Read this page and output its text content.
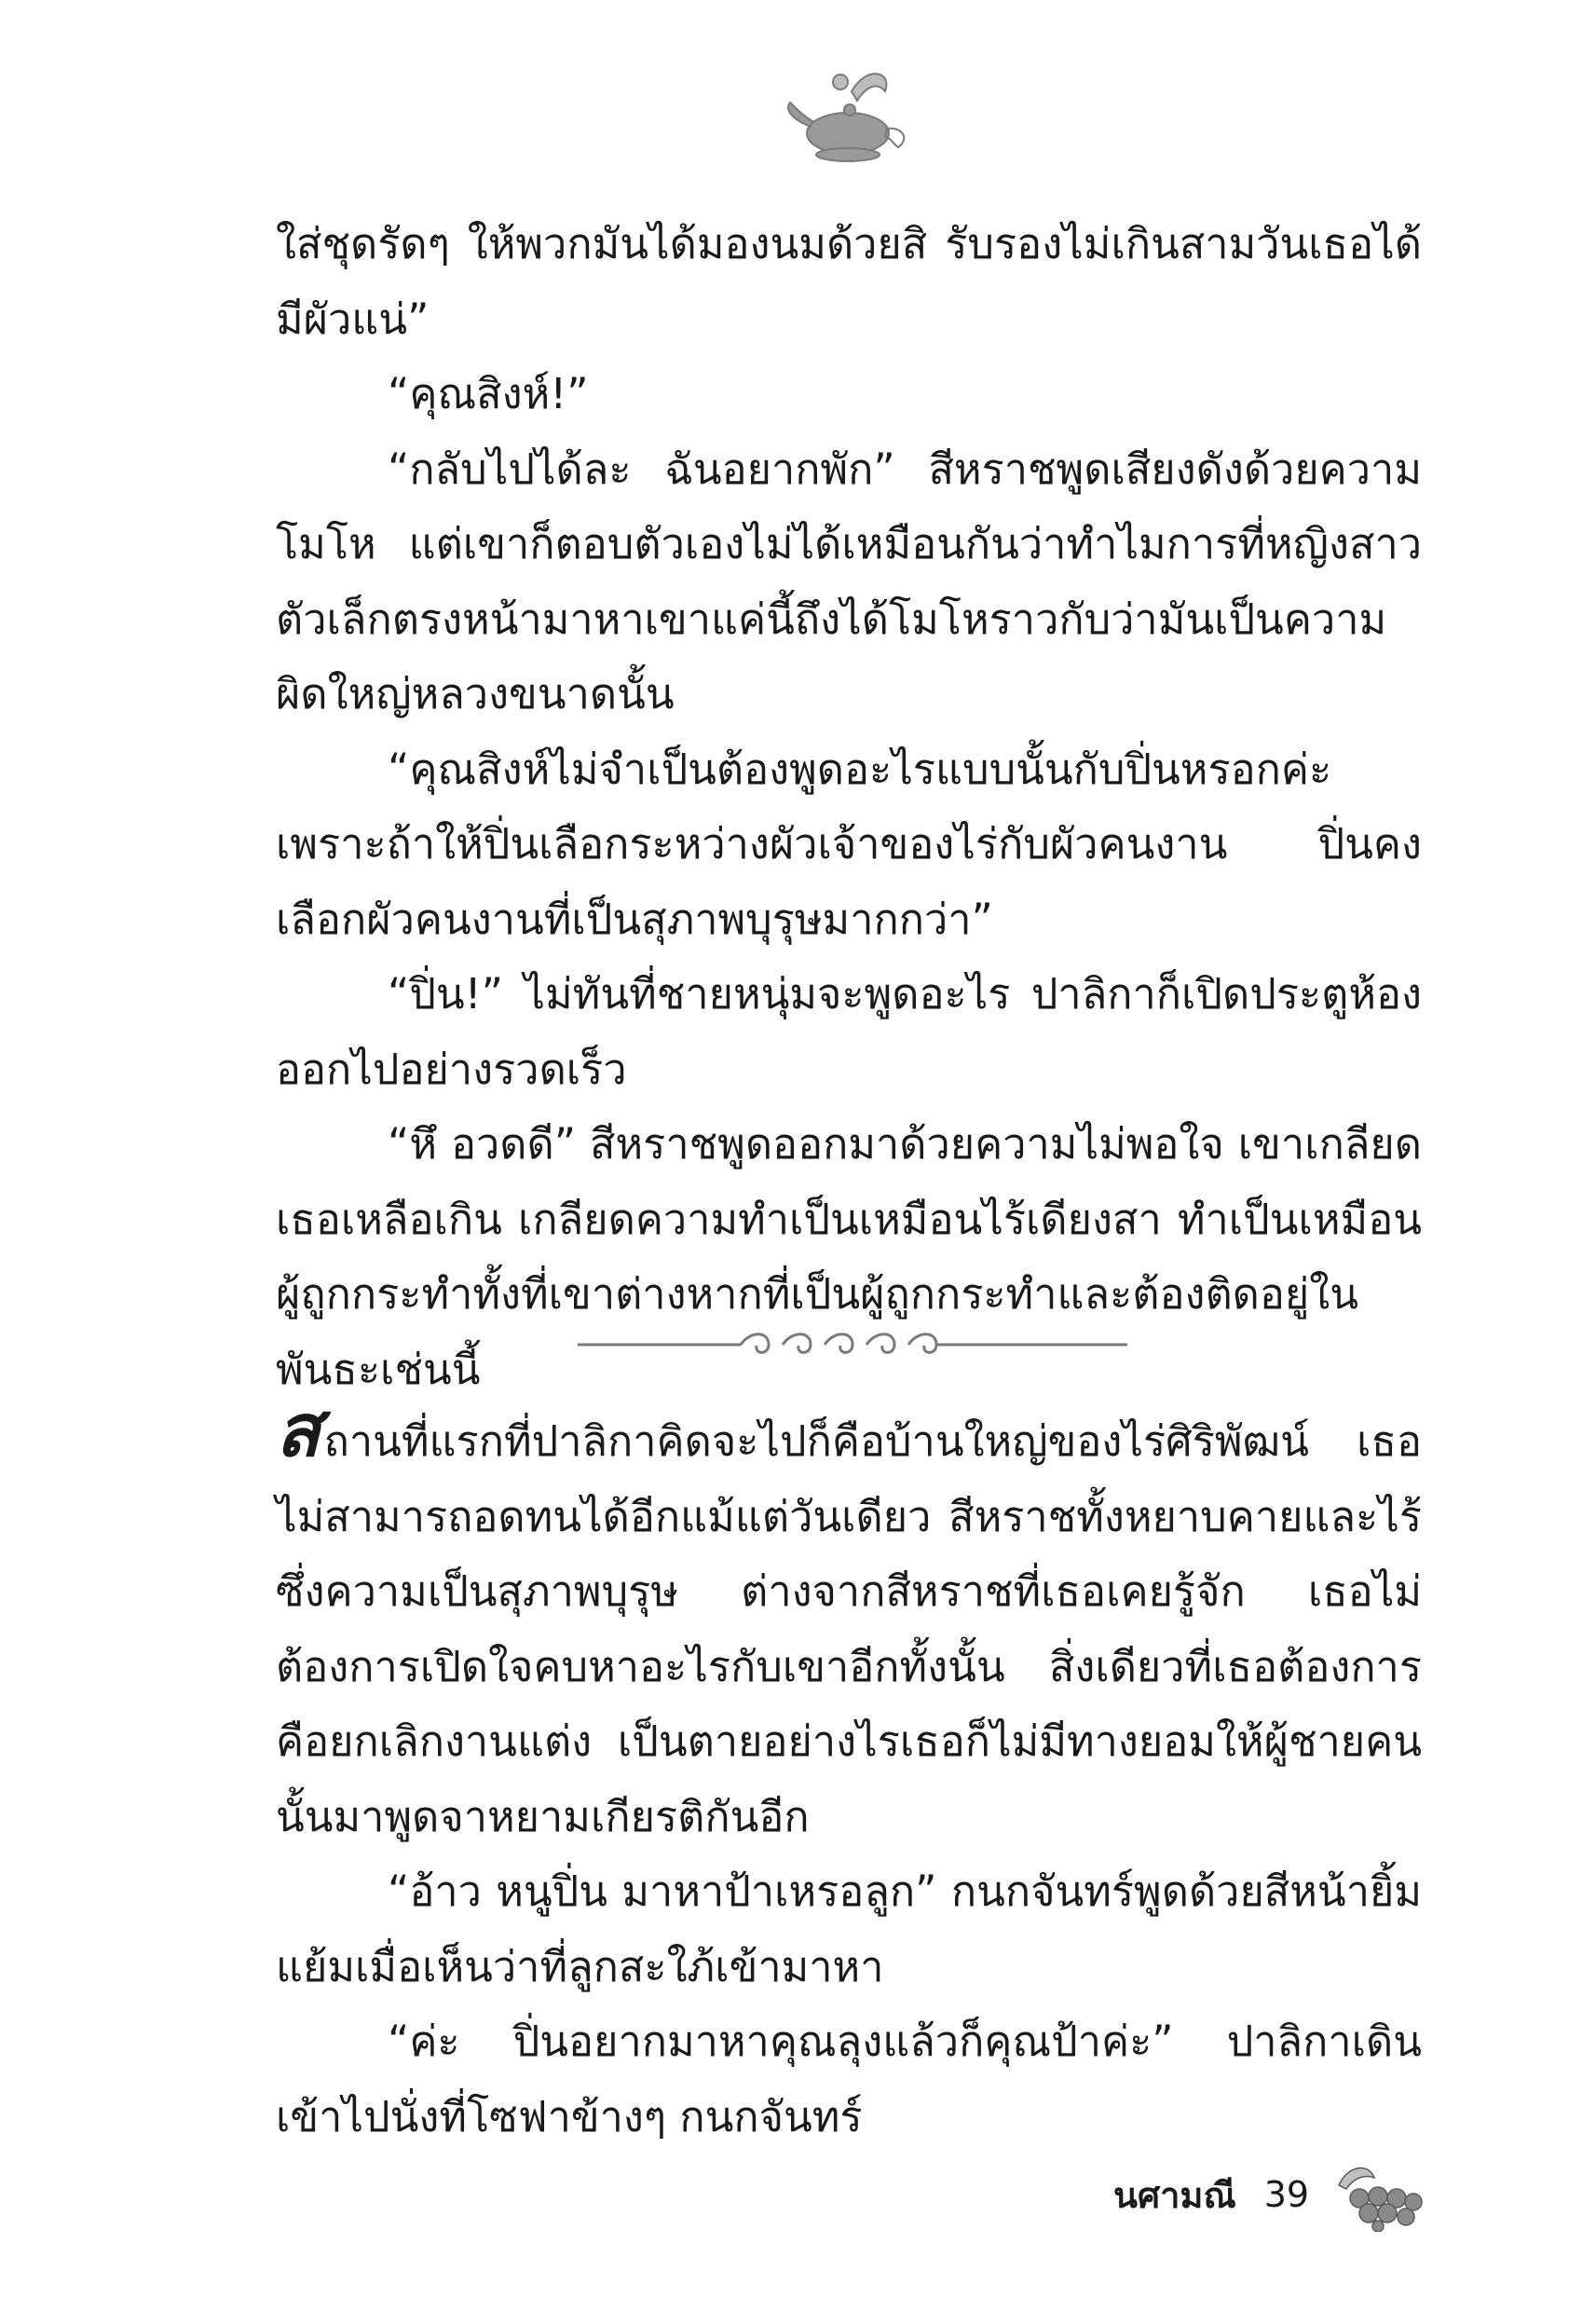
ใส่ชุดรัดๆ ให้พวกมันได้มองนมด้วยสิ รับรองไม่เกินสามวันเธอได้มีผัวแน่”

“คุณสิงห์!”

“กลับไปได้ละ ฉันอยากพัก” สีหราชพูดเสียงดังด้วยความโมโห แต่เขาก็ตอบตัวเองไม่ได้เหมือนกันว่าทำไมการที่หญิงสาวตัวเล็กตรงหน้ามาหาเขาแค่นี้ถึงได้โมโหราวกับว่ามันเป็นความผิดใหญ่หลวงขนาดนั้น

“คุณสิงห์ไม่จำเป็นต้องพูดอะไรแบบนั้นกับปิ่นหรอกค่ะ เพราะถ้าให้ปิ่นเลือกระหว่างผัวเจ้าของไร่กับผัวคนงาน ปิ่นคงเลือกผัวคนงานที่เป็นสุภาพบุรุษมากกว่า”

“ปิ่น!” ไม่ทันที่ชายหนุ่มจะพูดอะไร ปาลิกาก็เปิดประตูห้องออกไปอย่างรวดเร็ว

“หึ อวดดี” สีหราชพูดออกมาด้วยความไม่พอใจ เขาเกลียดเธอเหลือเกิน เกลียดความทำเป็นเหมือนไร้เดียงสา ทำเป็นเหมือนผู้ถูกกระทำทั้งที่เขาต่างหากที่เป็นผู้ถูกกระทำและต้องติดอยู่ในพันธะเช่นนี้

สถานที่แรกที่ปาลิกาคิดจะไปก็คือบ้านใหญ่ของไร่ศิริพัฒน์ เธอไม่สามารถอดทนได้อีกแม้แต่วันเดียว สีหราชทั้งหยาบคายและไร้ซึ่งความเป็นสุภาพบุรุษ ต่างจากสีหราชที่เธอเคยรู้จัก เธอไม่ต้องการเปิดใจคบหาอะไรกับเขาอีกทั้งนั้น สิ่งเดียวที่เธอต้องการคือยกเลิกงานแต่ง เป็นตายอย่างไรเธอก็ไม่มีทางยอมให้ผู้ชายคนนั้นมาพูดจาหยามเกียรติกันอีก

“อ้าว หนูปิ่น มาหาป้าเหรอลูก” กนกจันทร์พูดด้วยสีหน้ายิ้มแย้มเมื่อเห็นว่าที่ลูกสะใภ้เข้ามาหา

“ค่ะ ปิ่นอยากมาหาคุณลุงแล้วก็คุณป้าค่ะ” ปาลิกาเดินเข้าไปนั่งที่โซฟาข้างๆ กนกจันทร์

นศามณี 39
